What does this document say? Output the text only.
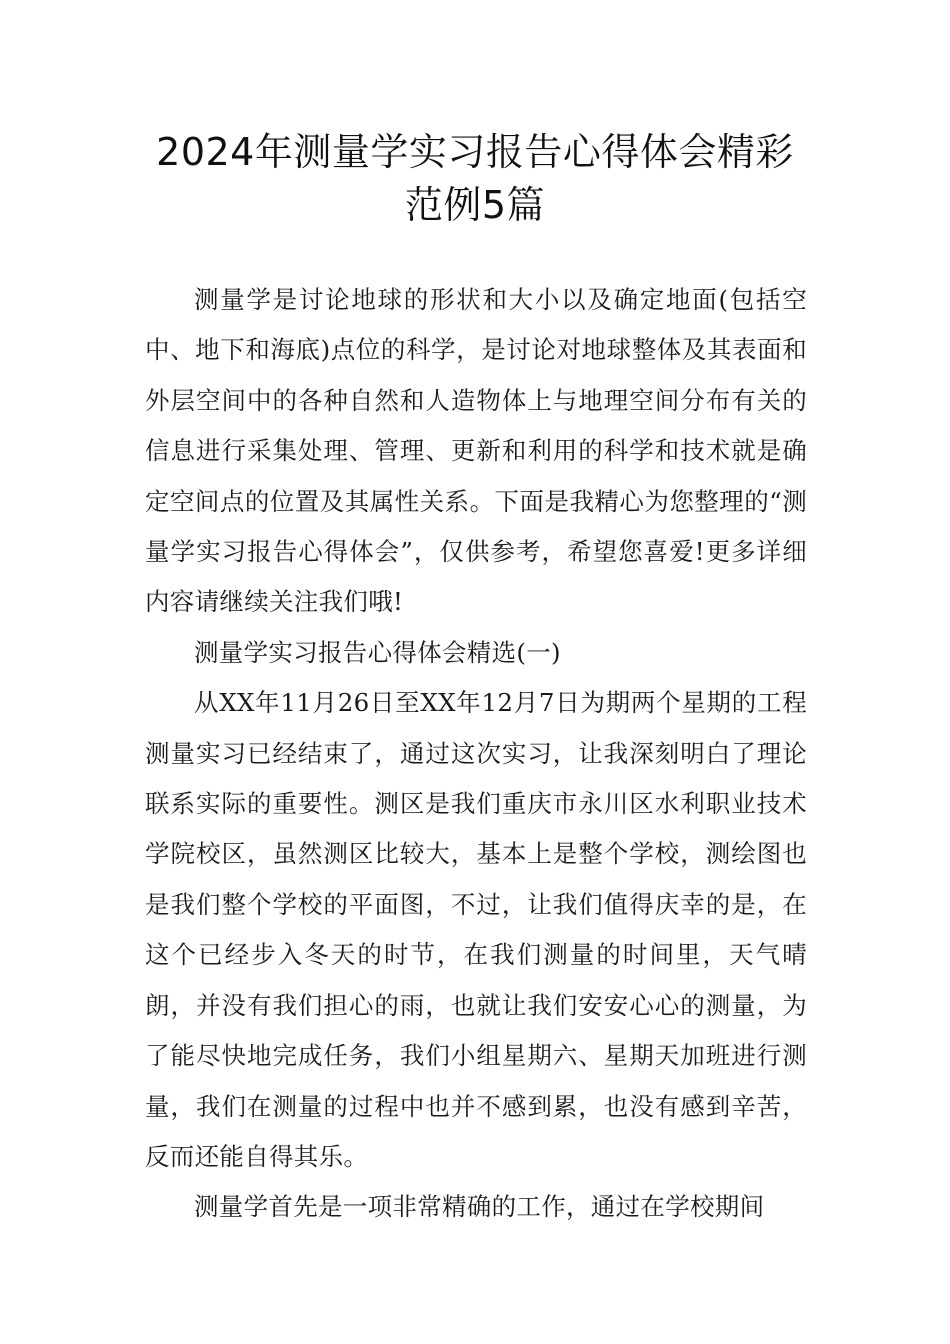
2024年测量学实习报告心得体会精彩范例5篇

测量学是讨论地球的形状和大小以及确定地面(包括空中、地下和海底)点位的科学，是讨论对地球整体及其表面和外层空间中的各种自然和人造物体上与地理空间分布有关的信息进行采集处理、管理、更新和利用的科学和技术就是确定空间点的位置及其属性关系。下面是我精心为您整理的“测量学实习报告心得体会”，仅供参考，希望您喜爱!更多详细内容请继续关注我们哦!

测量学实习报告心得体会精选(一)

从XX年11月26日至XX年12月7日为期两个星期的工程测量实习已经结束了，通过这次实习，让我深刻明白了理论联系实际的重要性。测区是我们重庆市永川区水利职业技术学院校区，虽然测区比较大，基本上是整个学校，测绘图也是我们整个学校的平面图，不过，让我们值得庆幸的是，在这个已经步入冬天的时节，在我们测量的时间里，天气晴朗，并没有我们担心的雨，也就让我们安安心心的测量，为了能尽快地完成任务，我们小组星期六、星期天加班进行测量，我们在测量的过程中也并不感到累，也没有感到辛苦，反而还能自得其乐。

测量学首先是一项非常精确的工作，通过在学校期间
